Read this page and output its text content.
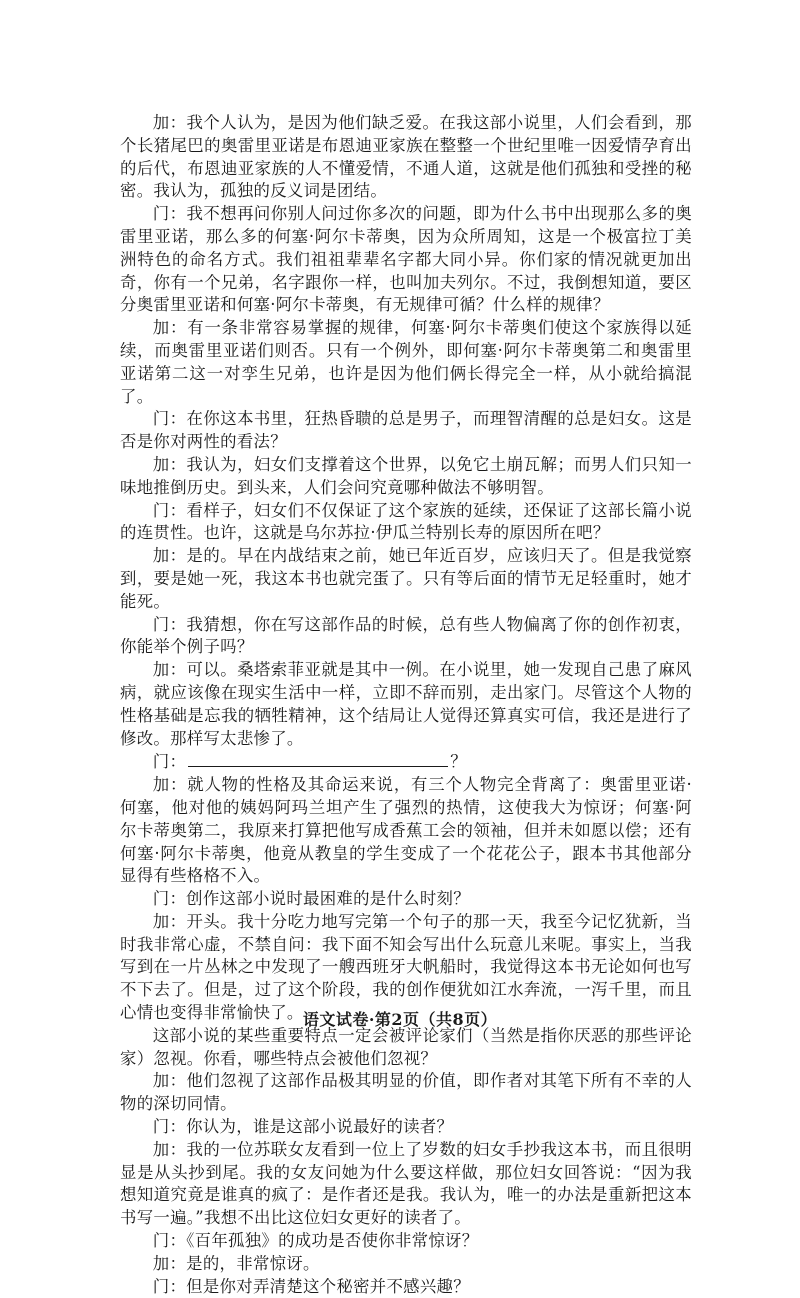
加：我个人认为，是因为他们缺乏爱。在我这部小说里，人们会看到，那个长猪尾巴的奥雷里亚诺是布恩迪亚家族在整整一个世纪里唯一因爱情孕育出的后代，布恩迪亚家族的人不懂爱情，不通人道，这就是他们孤独和受挫的秘密。我认为，孤独的反义词是团结。

门：我不想再问你别人问过你多次的问题，即为什么书中出现那么多的奥雷里亚诺，那么多的何塞·阿尔卡蒂奥，因为众所周知，这是一个极富拉丁美洲特色的命名方式。我们祖祖辈辈名字都大同小异。你们家的情况就更加出奇，你有一个兄弟，名字跟你一样，也叫加夫列尔。不过，我倒想知道，要区分奥雷里亚诺和何塞·阿尔卡蒂奥，有无规律可循？什么样的规律？

加：有一条非常容易掌握的规律，何塞·阿尔卡蒂奥们使这个家族得以延续，而奥雷里亚诺们则否。只有一个例外，即何塞·阿尔卡蒂奥第二和奥雷里亚诺第二这一对孪生兄弟，也许是因为他们俩长得完全一样，从小就给搞混了。

门：在你这本书里，狂热昏聩的总是男子，而理智清醒的总是妇女。这是否是你对两性的看法？

加：我认为，妇女们支撑着这个世界，以免它土崩瓦解；而男人们只知一味地推倒历史。到头来，人们会问究竟哪种做法不够明智。

门：看样子，妇女们不仅保证了这个家族的延续，还保证了这部长篇小说的连贯性。也许，这就是乌尔苏拉·伊瓜兰特别长寿的原因所在吧？

加：是的。早在内战结束之前，她已年近百岁，应该归天了。但是我觉察到，要是她一死，我这本书也就完蛋了。只有等后面的情节无足轻重时，她才能死。

门：我猜想，你在写这部作品的时候，总有些人物偏离了你的创作初衷，你能举个例子吗？

加：可以。桑塔索菲亚就是其中一例。在小说里，她一发现自己患了麻风病，就应该像在现实生活中一样，立即不辞而别，走出家门。尽管这个人物的性格基础是忘我的牺牲精神，这个结局让人觉得还算真实可信，我还是进行了修改。那样写太悲惨了。

门：	？

加：就人物的性格及其命运来说，有三个人物完全背离了：奥雷里亚诺·何塞，他对他的姨妈阿玛兰坦产生了强烈的热情，这使我大为惊讶；何塞·阿尔卡蒂奥第二，我原来打算把他写成香蕉工会的领袖，但并未如愿以偿；还有何塞·阿尔卡蒂奥，他竟从教皇的学生变成了一个花花公子，跟本书其他部分显得有些格格不入。

门：创作这部小说时最困难的是什么时刻？

加：开头。我十分吃力地写完第一个句子的那一天，我至今记忆犹新，当时我非常心虚，不禁自问：我下面不知会写出什么玩意儿来呢。事实上，当我写到在一片丛林之中发现了一艘西班牙大帆船时，我觉得这本书无论如何也写不下去了。但是，过了这个阶段，我的创作便犹如江水奔流，一泻千里，而且心情也变得非常愉快了。

这部小说的某些重要特点一定会被评论家们（当然是指你厌恶的那些评论家）忽视。你看，哪些特点会被他们忽视？

加：他们忽视了这部作品极其明显的价值，即作者对其笔下所有不幸的人物的深切同情。

门：你认为，谁是这部小说最好的读者？

加：我的一位苏联女友看到一位上了岁数的妇女手抄我这本书，而且很明显是从头抄到尾。我的女友问她为什么要这样做，那位妇女回答说：“因为我想知道究竟是谁真的疯了：是作者还是我。我认为，唯一的办法是重新把这本书写一遍。”我想不出比这位妇女更好的读者了。

门：《百年孤独》的成功是否使你非常惊讶？

加：是的，非常惊讶。

门：但是你对弄清楚这个秘密并不感兴趣？

语文试卷·第2页（共8页）
